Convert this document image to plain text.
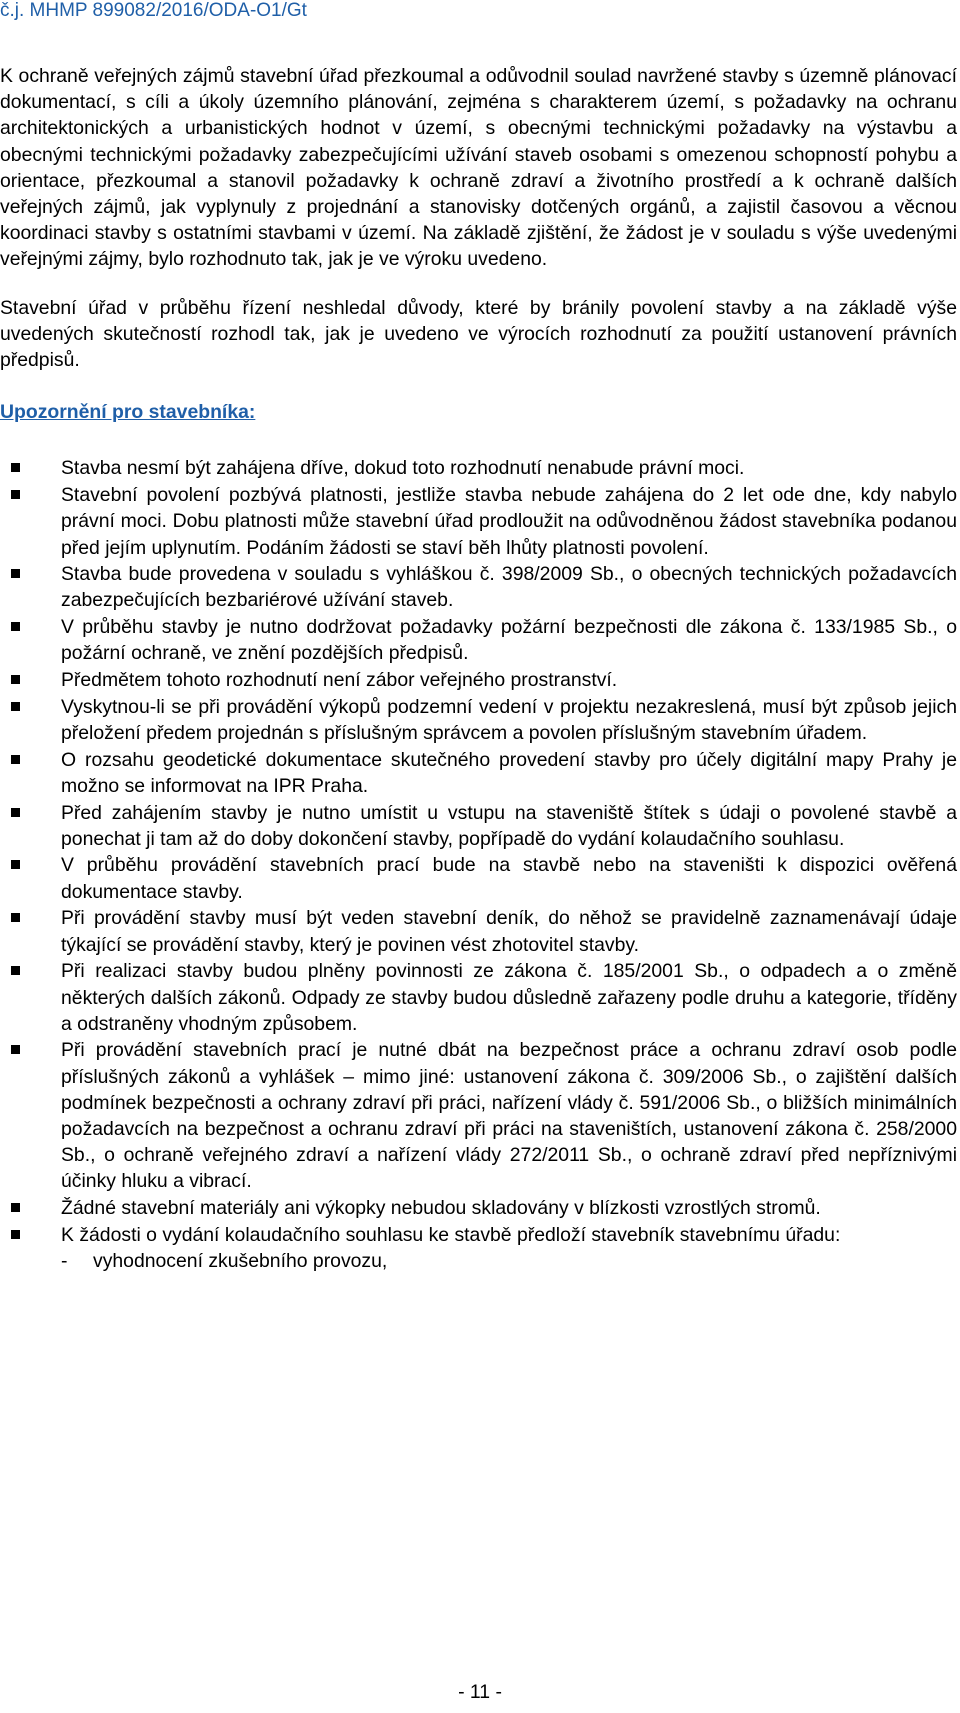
č.j. MHMP 899082/2016/ODA-O1/Gt

K ochraně veřejných zájmů stavební úřad přezkoumal a odůvodnil soulad navržené stavby s územně plánovací dokumentací, s cíli a úkoly územního plánování, zejména s charakterem území, s požadavky na ochranu architektonických a urbanistických hodnot v území, s obecnými technickými požadavky na výstavbu a obecnými technickými požadavky zabezpečujícími užívání staveb osobami s omezenou schopností pohybu a orientace, přezkoumal a stanovil požadavky k ochraně zdraví a životního prostředí a k ochraně dalších veřejných zájmů, jak vyplynuly z projednání a stanovisky dotčených orgánů, a zajistil časovou a věcnou koordinaci stavby s ostatními stavbami v území. Na základě zjištění, že žádost je v souladu s výše uvedenými veřejnými zájmy, bylo rozhodnuto tak, jak je ve výroku uvedeno.

Stavební úřad v průběhu řízení neshledal důvody, které by bránily povolení stavby a na základě výše uvedených skutečností rozhodl tak, jak je uvedeno ve výrocích rozhodnutí za použití ustanovení právních předpisů.

Upozornění pro stavebníka:
Stavba nesmí být zahájena dříve, dokud toto rozhodnutí nenabude právní moci.
Stavební povolení pozbývá platnosti, jestliže stavba nebude zahájena do 2 let ode dne, kdy nabylo právní moci. Dobu platnosti může stavební úřad prodloužit na odůvodněnou žádost stavebníka podanou před jejím uplynutím. Podáním žádosti se staví běh lhůty platnosti povolení.
Stavba bude provedena v souladu s vyhláškou č. 398/2009 Sb., o obecných technických požadavcích zabezpečujících bezbariérové užívání staveb.
V průběhu stavby je nutno dodržovat požadavky požární bezpečnosti dle zákona č. 133/1985 Sb., o požární ochraně, ve znění pozdějších předpisů.
Předmětem tohoto rozhodnutí není zábor veřejného prostranství.
Vyskytnou-li se při provádění výkopů podzemní vedení v projektu nezakreslená, musí být způsob jejich přeložení předem projednán s příslušným správcem a povolen příslušným stavebním úřadem.
O rozsahu geodetické dokumentace skutečného provedení stavby pro účely digitální mapy Prahy je možno se informovat na IPR Praha.
Před zahájením stavby je nutno umístit u vstupu na staveniště štítek s údaji o povolené stavbě a ponechat ji tam až do doby dokončení stavby, popřípadě do vydání kolaudačního souhlasu.
V průběhu provádění stavebních prací bude na stavbě nebo na staveništi k dispozici ověřená dokumentace stavby.
Při provádění stavby musí být veden stavební deník, do něhož se pravidelně zaznamenávají údaje týkající se provádění stavby, který je povinen vést zhotovitel stavby.
Při realizaci stavby budou plněny povinnosti ze zákona č. 185/2001 Sb., o odpadech a o změně některých dalších zákonů. Odpady ze stavby budou důsledně zařazeny podle druhu a kategorie, tříděny a odstraněny vhodným způsobem.
Při provádění stavebních prací je nutné dbát na bezpečnost práce a ochranu zdraví osob podle příslušných zákonů a vyhlášek – mimo jiné: ustanovení zákona č. 309/2006 Sb., o zajištění dalších podmínek bezpečnosti a ochrany zdraví při práci, nařízení vlády č. 591/2006 Sb., o bližších minimálních požadavcích na bezpečnost a ochranu zdraví při práci na staveništích, ustanovení zákona č. 258/2000 Sb., o ochraně veřejného zdraví a nařízení vlády 272/2011 Sb., o ochraně zdraví před nepříznivými účinky hluku a vibrací.
Žádné stavební materiály ani výkopky nebudou skladovány v blízkosti vzrostlých stromů.
K žádosti o vydání kolaudačního souhlasu ke stavbě předloží stavebník stavebnímu úřadu:
- vyhodnocení zkušebního provozu,
- 11 -
